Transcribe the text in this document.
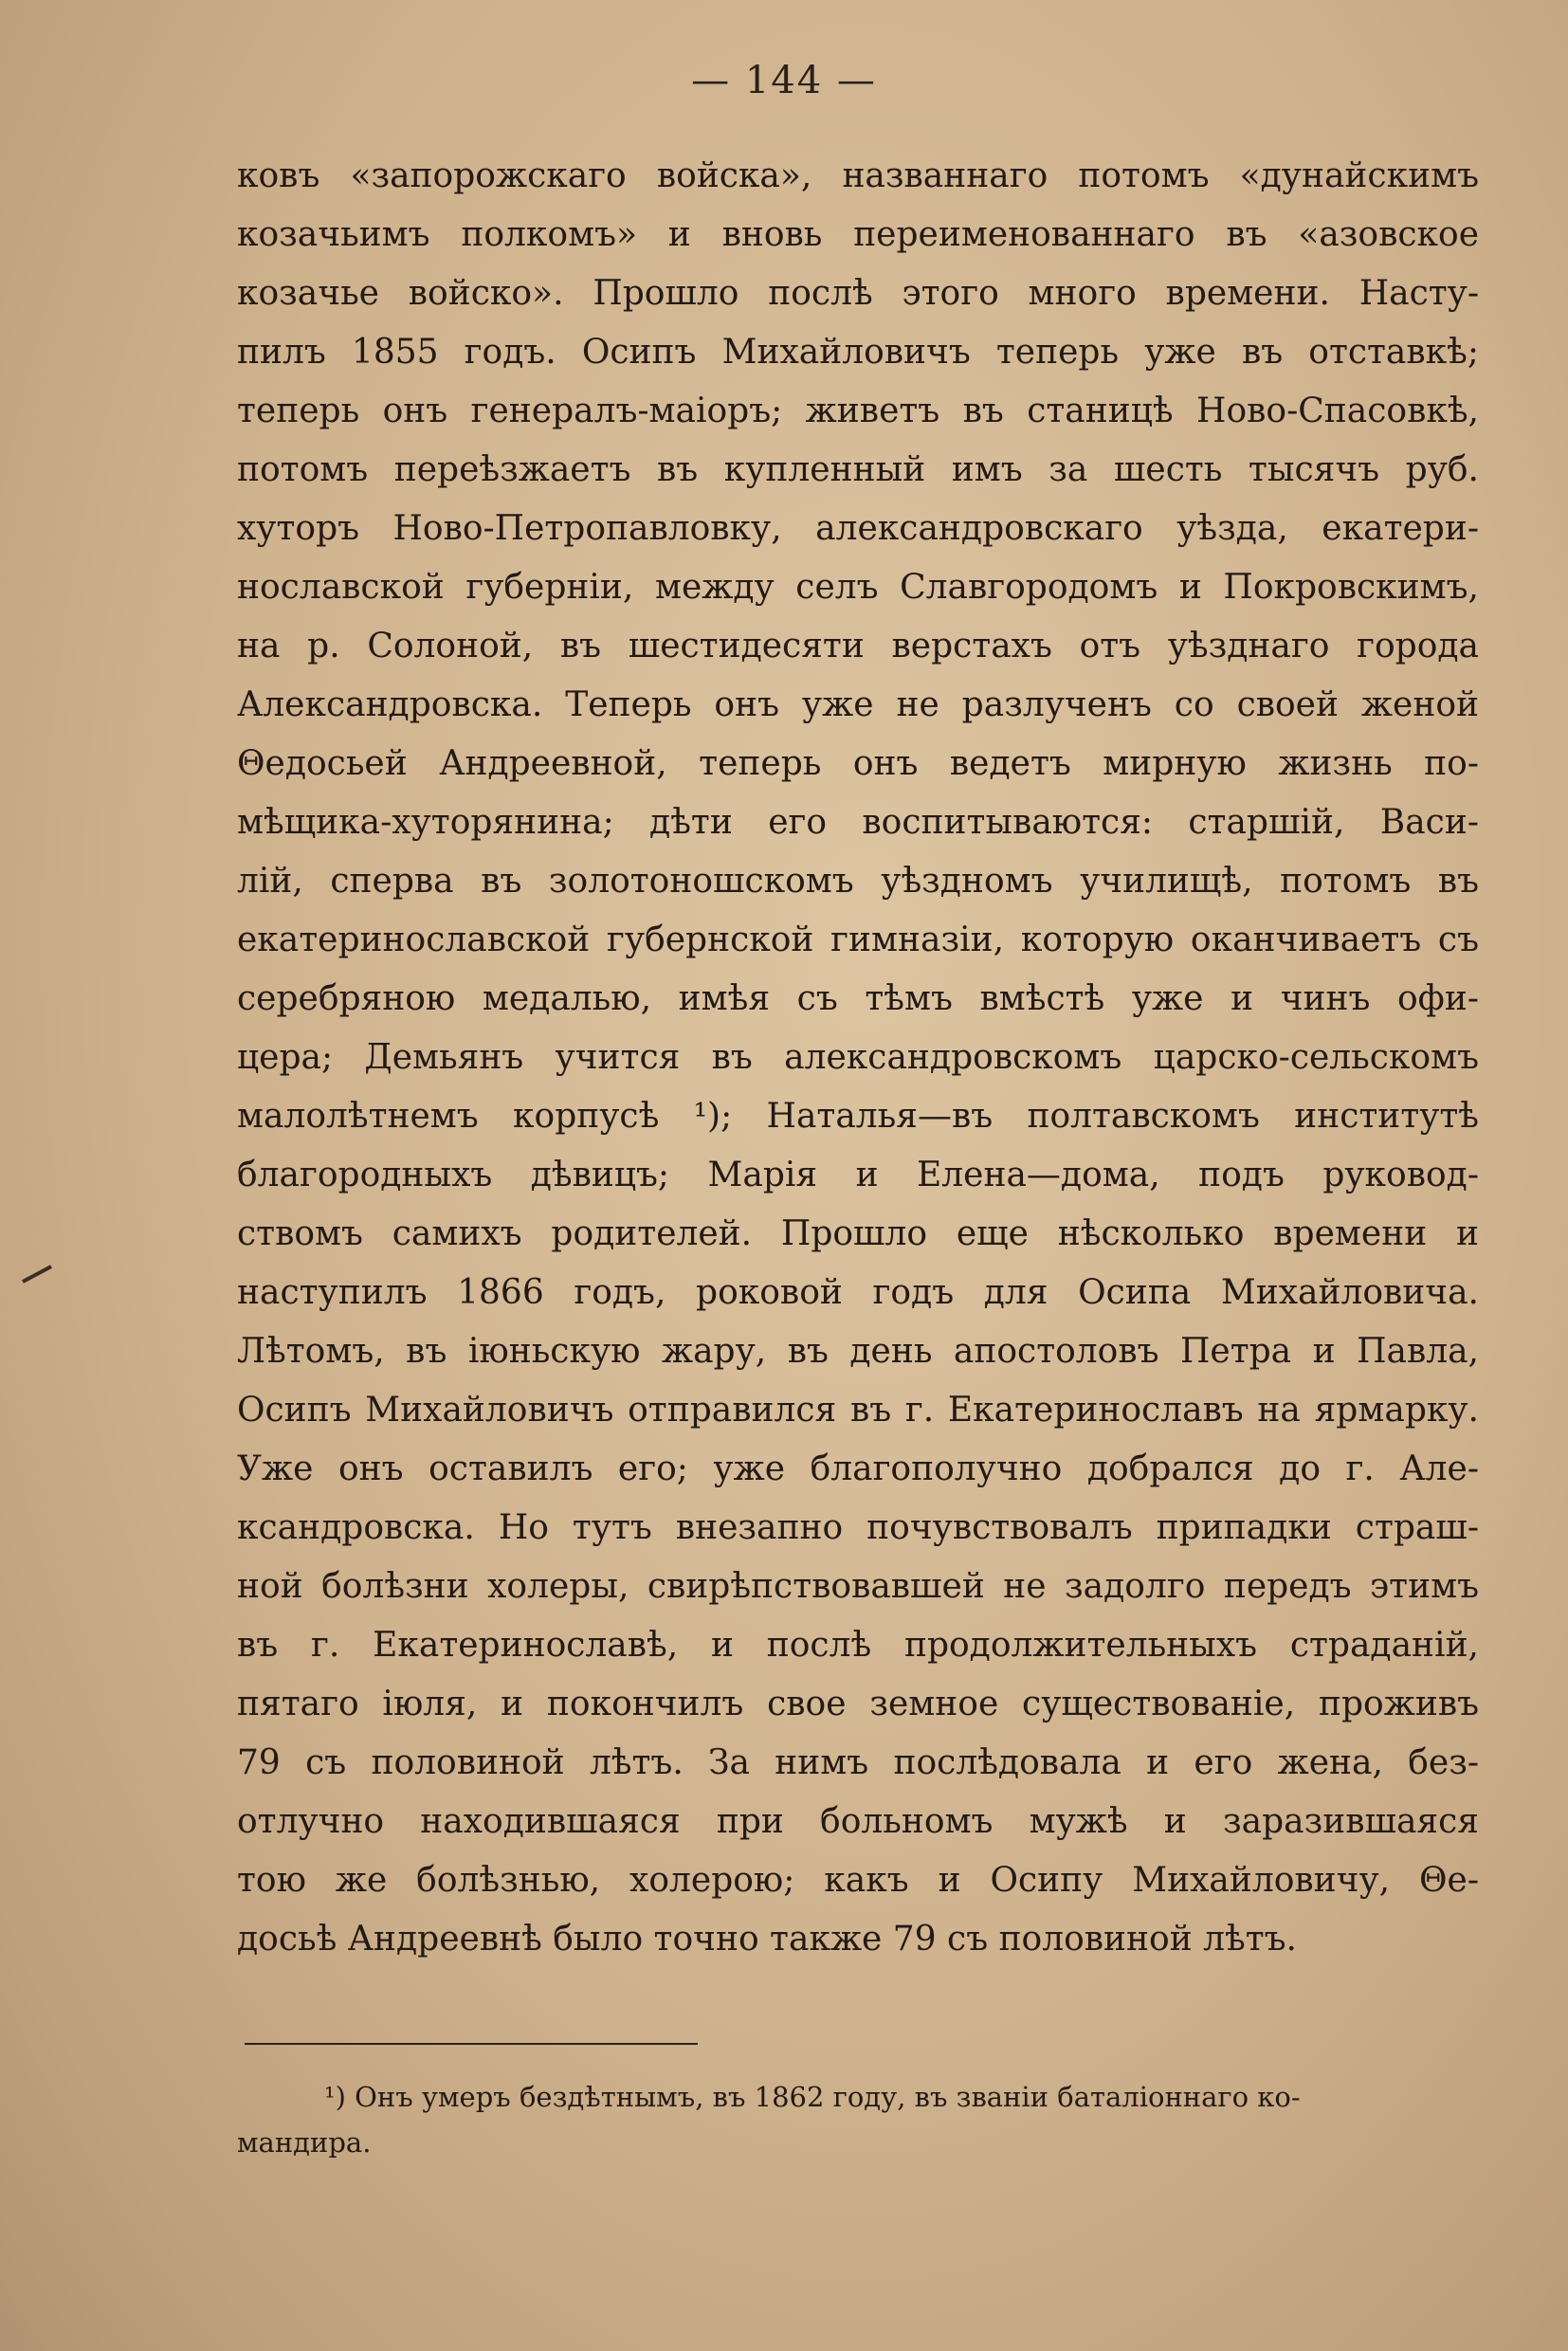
— 144 —
ковъ «запорожскаго войска», названнаго потомъ «дунайскимъ
козачьимъ полкомъ» и вновь переименованнаго въ «азовское
козачье войско». Прошло послѣ этого много времени. Насту-
пилъ 1855 годъ. Осипъ Михайловичъ теперь уже въ отставкѣ;
теперь онъ генералъ-маіоръ; живетъ въ станицѣ Ново-Спасовкѣ,
потомъ переѣзжаетъ въ купленный имъ за шесть тысячъ руб.
хуторъ Ново-Петропавловку, александровскаго уѣзда, екатери-
нославской губерніи, между селъ Славгородомъ и Покровскимъ,
на р. Солоной, въ шестидесяти верстахъ отъ уѣзднаго города
Александровска. Теперь онъ уже не разлученъ со своей женой
Θедосьей Андреевной, теперь онъ ведетъ мирную жизнь по-
мѣщика-хуторянина; дѣти его воспитываются: старшій, Васи-
лій, сперва въ золотоношскомъ уѣздномъ училищѣ, потомъ въ
екатеринославской губернской гимназіи, которую оканчиваетъ съ
серебряною медалью, имѣя съ тѣмъ вмѣстѣ уже и чинъ офи-
цера; Демьянъ учится въ александровскомъ царско-сельскомъ
малолѣтнемъ корпусѣ ¹); Наталья—въ полтавскомъ институтѣ
благородныхъ дѣвицъ; Марія и Елена—дома, подъ руковод-
ствомъ самихъ родителей. Прошло еще нѣсколько времени и
наступилъ 1866 годъ, роковой годъ для Осипа Михайловича.
Лѣтомъ, въ іюньскую жару, въ день апостоловъ Петра и Павла,
Осипъ Михайловичъ отправился въ г. Екатеринославъ на ярмарку.
Уже онъ оставилъ его; уже благополучно добрался до г. Але-
ксандровска. Но тутъ внезапно почувствовалъ припадки страш-
ной болѣзни холеры, свирѣпствовавшей не задолго передъ этимъ
въ г. Екатеринославѣ, и послѣ продолжительныхъ страданій,
пятаго іюля, и покончилъ свое земное существованіе, проживъ
79 съ половиной лѣтъ. За нимъ послѣдовала и его жена, без-
отлучно находившаяся при больномъ мужѣ и заразившаяся
тою же болѣзнью, холерою; какъ и Осипу Михайловичу, Θе-
досьѣ Андреевнѣ было точно также 79 съ половиной лѣтъ.
¹) Онъ умеръ бездѣтнымъ, въ 1862 году, въ званіи баталіоннаго ко-
мандира.
